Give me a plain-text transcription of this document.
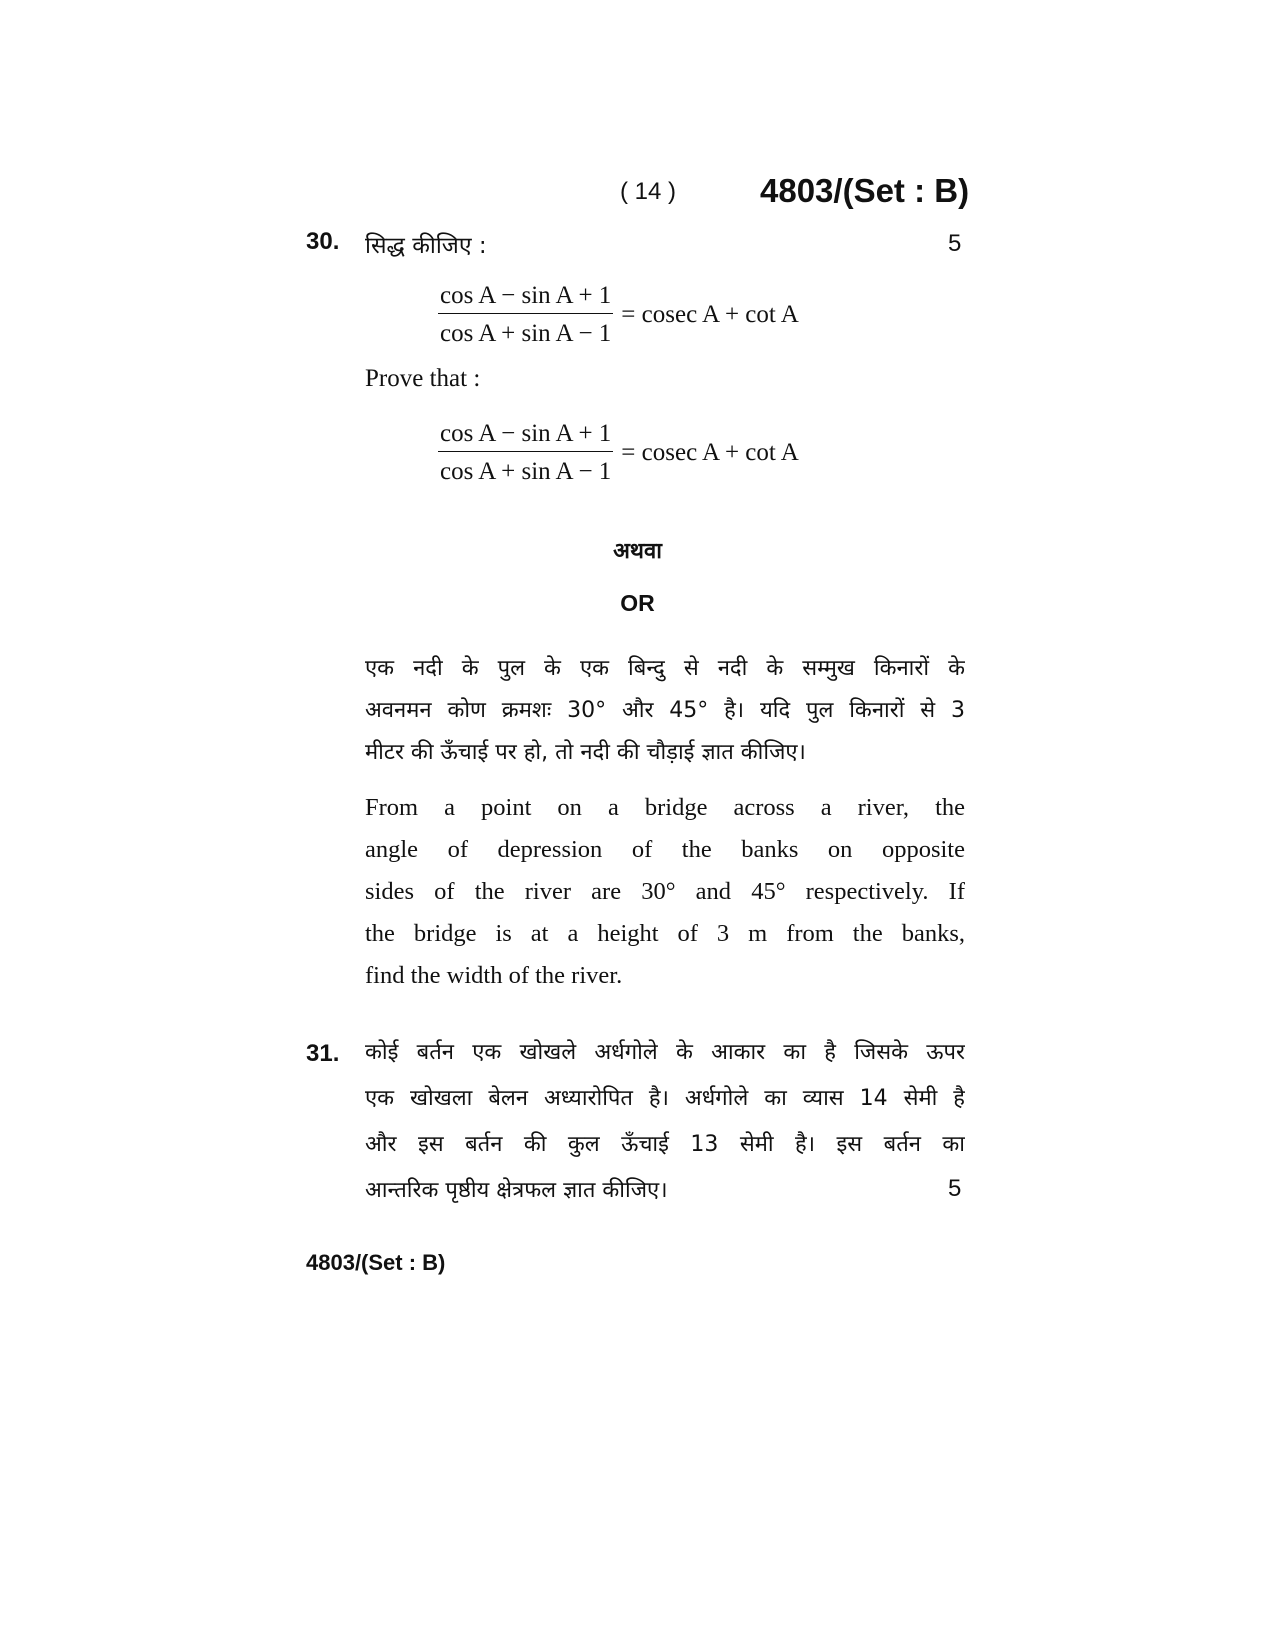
( 14 )	4803/(Set : B)
30. सिद्ध कीजिए :	5
$\frac{\text{cos A − sin A + 1}}{\text{cos A + sin A − 1}} = cosec$ A + cot A
Prove that :
$\frac{\text{cos A − sin A + 1}}{\text{cos A + sin A − 1}} = cosec$ A + cot A
अथवा
OR
एक नदी के पुल के एक बिन्दु से नदी के सम्मुख किनारों के
अवनमन कोण क्रमशः 30° और 45° है। यदि पुल किनारों से 3
मीटर की ऊँचाई पर हो, तो नदी की चौड़ाई ज्ञात कीजिए।
From a point on a bridge across a river, the
angle of depression of the banks on opposite
sides of the river are 30° and 45° respectively. If
the bridge is at a height of 3 m from the banks,
find the width of the river.
31. कोई बर्तन एक खोखले अर्धगोले के आकार का है जिसके ऊपर
एक खोखला बेलन अध्यारोपित है। अर्धगोले का व्यास 14 सेमी है
और इस बर्तन की कुल ऊँचाई 13 सेमी है। इस बर्तन का
आन्तरिक पृष्ठीय क्षेत्रफल ज्ञात कीजिए।	5
4803/(Set : B)
